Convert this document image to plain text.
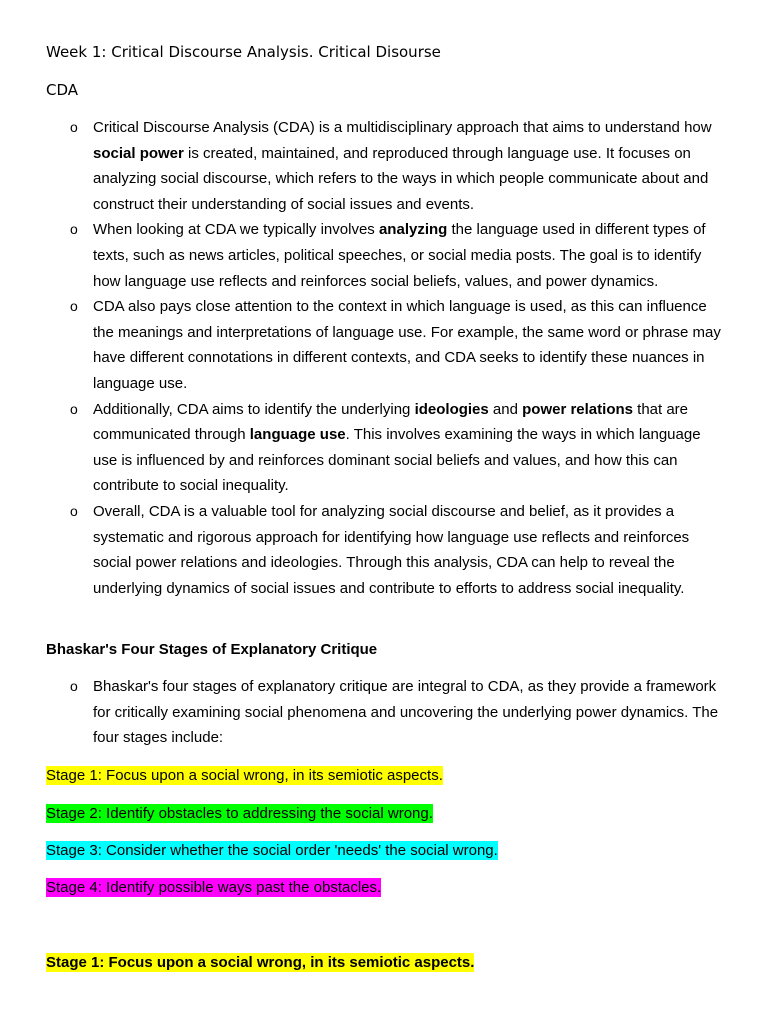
Week 1: Critical Discourse Analysis. Critical Disourse
CDA
o Critical Discourse Analysis (CDA) is a multidisciplinary approach that aims to understand how social power is created, maintained, and reproduced through language use. It focuses on analyzing social discourse, which refers to the ways in which people communicate about and construct their understanding of social issues and events.
o When looking at CDA we typically involves analyzing the language used in different types of texts, such as news articles, political speeches, or social media posts. The goal is to identify how language use reflects and reinforces social beliefs, values, and power dynamics.
o CDA also pays close attention to the context in which language is used, as this can influence the meanings and interpretations of language use. For example, the same word or phrase may have different connotations in different contexts, and CDA seeks to identify these nuances in language use.
o Additionally, CDA aims to identify the underlying ideologies and power relations that are communicated through language use. This involves examining the ways in which language use is influenced by and reinforces dominant social beliefs and values, and how this can contribute to social inequality.
o Overall, CDA is a valuable tool for analyzing social discourse and belief, as it provides a systematic and rigorous approach for identifying how language use reflects and reinforces social power relations and ideologies. Through this analysis, CDA can help to reveal the underlying dynamics of social issues and contribute to efforts to address social inequality.
Bhaskar's Four Stages of Explanatory Critique
o Bhaskar's four stages of explanatory critique are integral to CDA, as they provide a framework for critically examining social phenomena and uncovering the underlying power dynamics. The four stages include:
Stage 1: Focus upon a social wrong, in its semiotic aspects.
Stage 2: Identify obstacles to addressing the social wrong.
Stage 3: Consider whether the social order 'needs' the social wrong.
Stage 4: Identify possible ways past the obstacles.
Stage 1: Focus upon a social wrong, in its semiotic aspects.
